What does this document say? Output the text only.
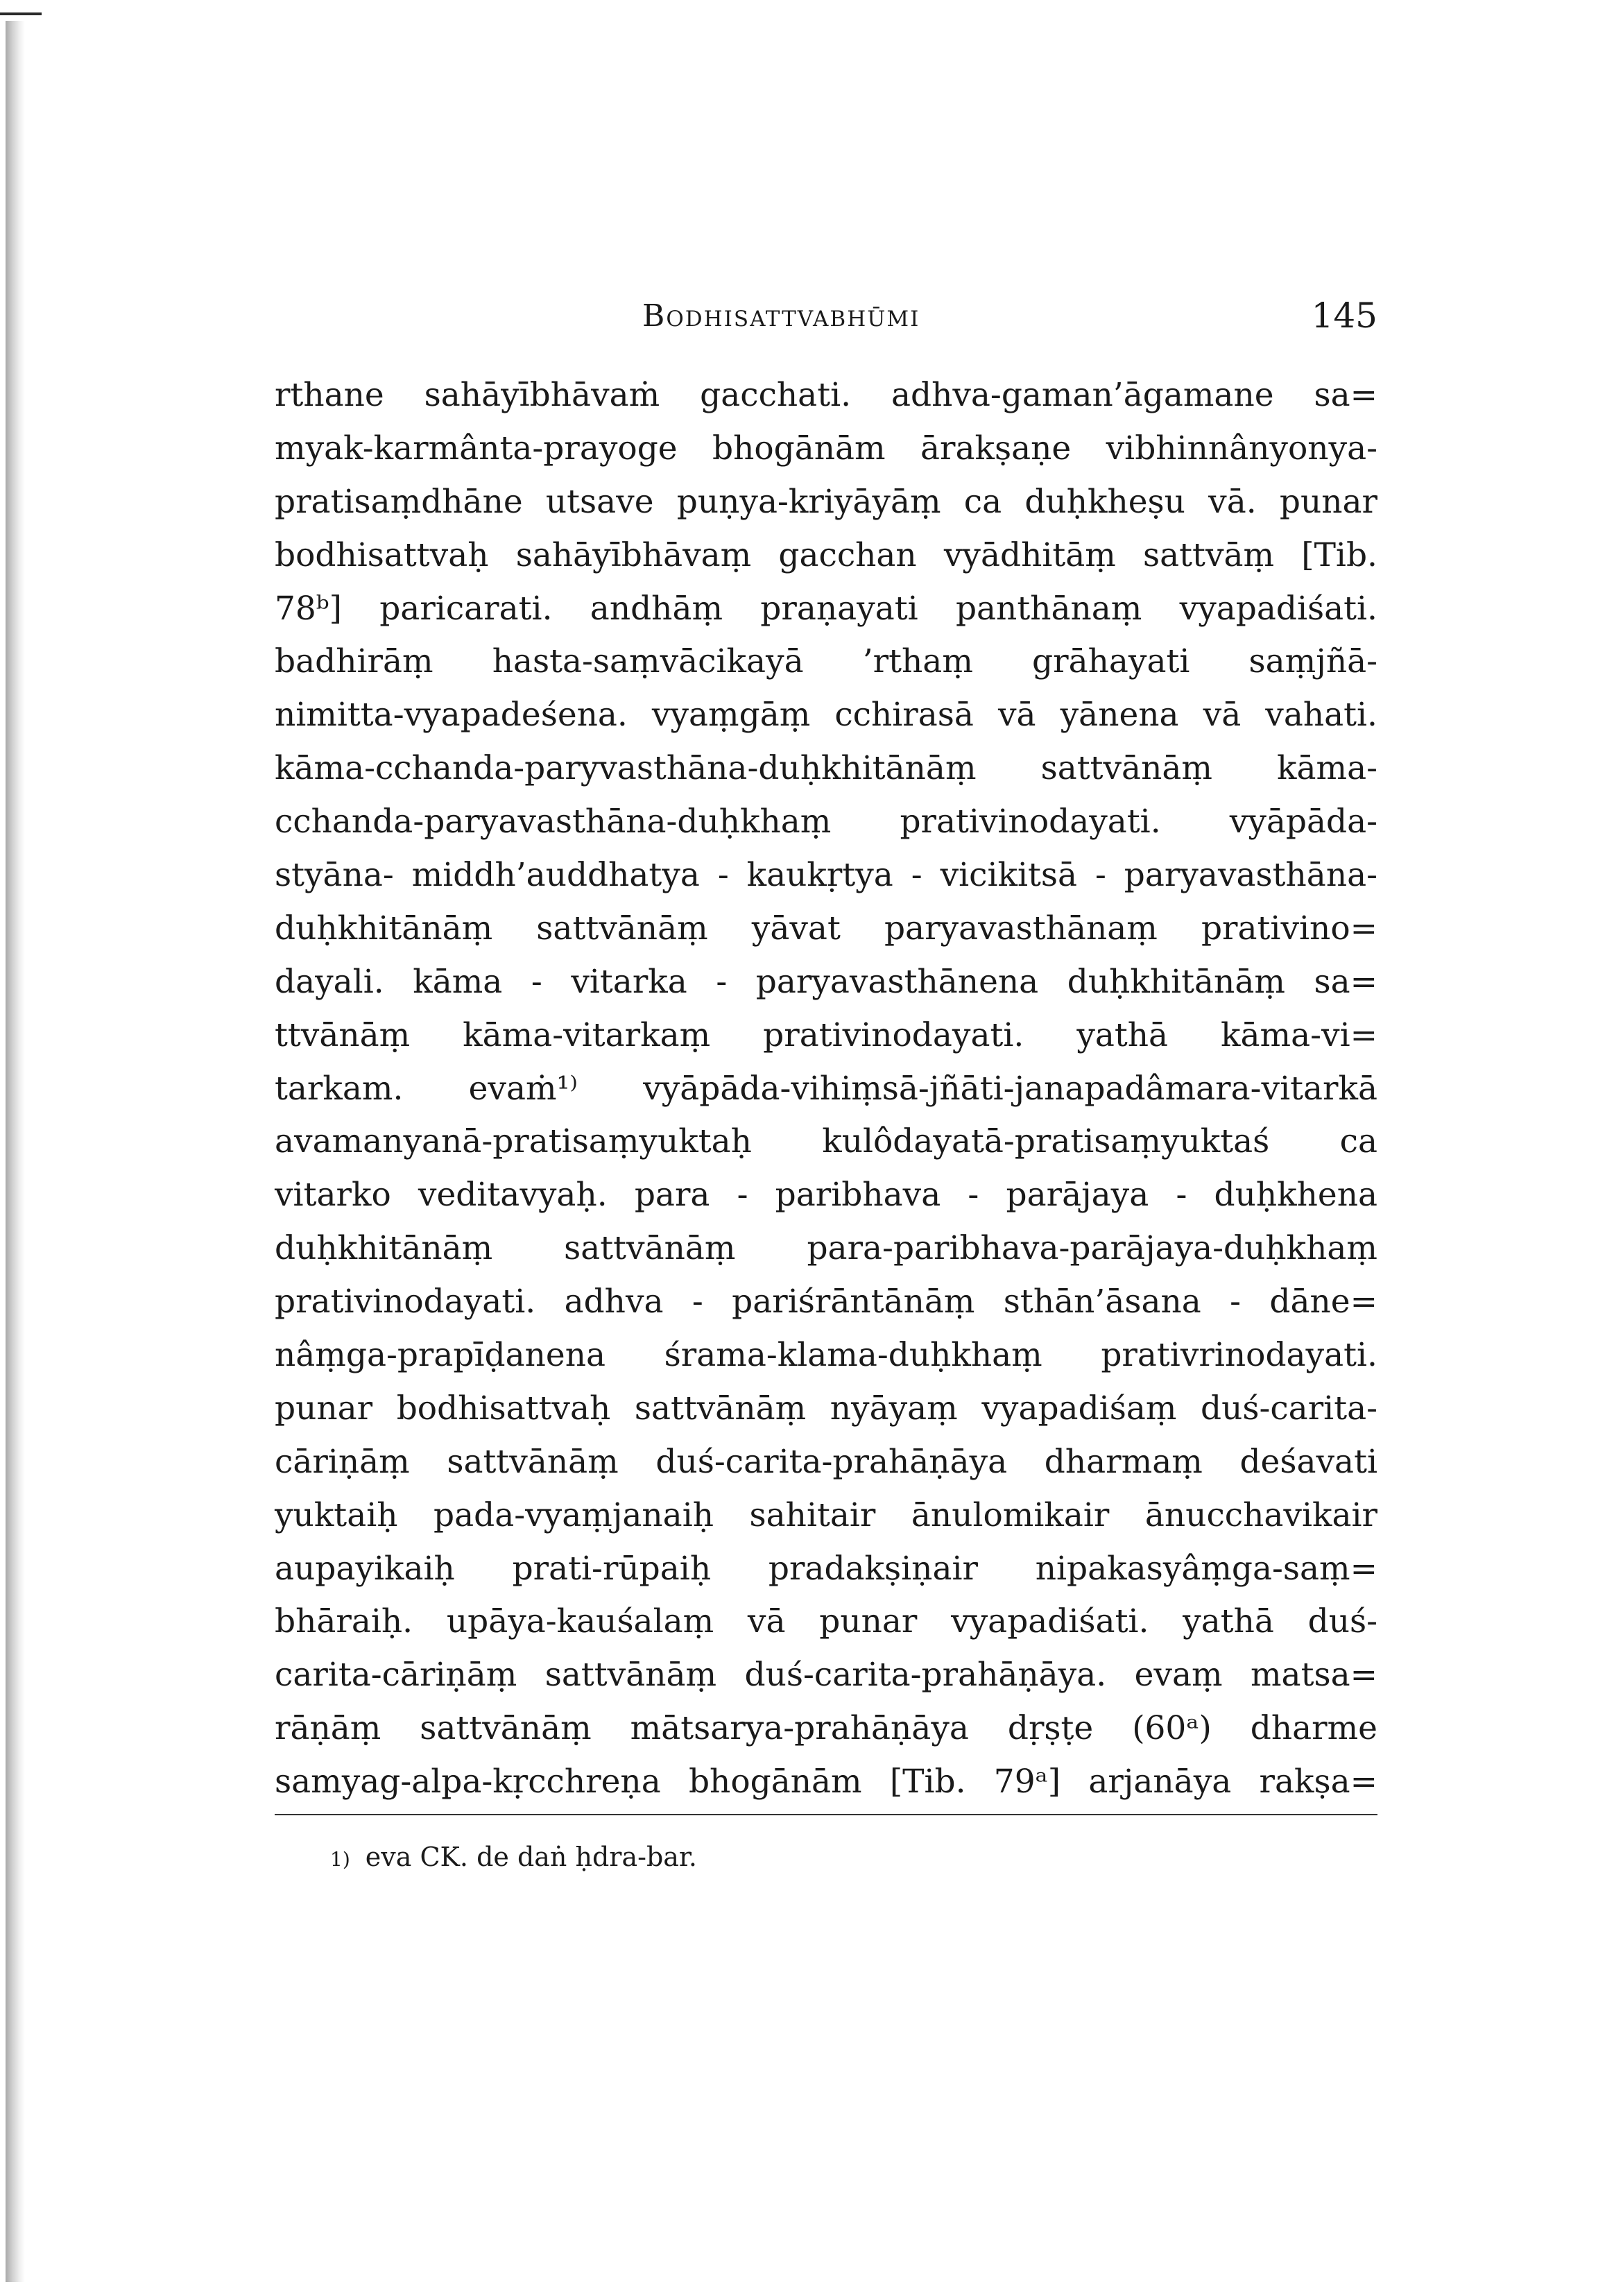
Bodhisattvabhūmi	145
rthane sahāyībhāvaṁ gacchati. adhva-gaman’āgamane sa=
myak-karmânta-prayoge bhogānām ārakṣaṇe vibhinnânyonya-
pratisaṃdhāne utsave puṇya-kriyāyāṃ ca duḥkheṣu vā. punar
bodhisattvaḥ sahāyībhāvaṃ gacchan vyādhitāṃ sattvāṃ [Tib.
78ᵇ] paricarati. andhāṃ praṇayati panthānaṃ vyapadiśati.
badhirāṃ hasta-saṃvācikayā ’rthaṃ grāhayati saṃjñā-
nimitta-vyapadeśena. vyaṃgāṃ cchirasā vā yānena vā vahati.
kāma-cchanda-paryvasthāna-duḥkhitānāṃ sattvānāṃ kāma-
cchanda-paryavasthāna-duḥkhaṃ prativinodayati. vyāpāda-
styāna- middh’auddhatya - kaukṛtya - vicikitsā - paryavasthāna-
duḥkhitānāṃ sattvānāṃ yāvat paryavasthānaṃ prativino=
dayali. kāma - vitarka - paryavasthānena duḥkhitānāṃ sa=
ttvānāṃ kāma-vitarkaṃ prativinodayati. yathā kāma-vi=
tarkam. evaṁ¹⁾ vyāpāda-vihiṃsā-jñāti-janapadâmara-vitarkā
avamanyanā-pratisaṃyuktaḥ kulôdayatā-pratisaṃyuktaś ca
vitarko veditavyaḥ. para - paribhava - parājaya - duḥkhena
duḥkhitānāṃ sattvānāṃ para-paribhava-parājaya-duḥkhaṃ
prativinodayati. adhva - pariśrāntānāṃ sthān’āsana - dāne=
nâṃga-prapīḍanena śrama-klama-duḥkhaṃ prativrinodayati.
punar bodhisattvaḥ sattvānāṃ nyāyaṃ vyapadiśaṃ duś-carita-
cāriṇāṃ sattvānāṃ duś-carita-prahāṇāya dharmaṃ deśavati
yuktaiḥ pada-vyaṃjanaiḥ sahitair ānulomikair ānucchavikair
aupayikaiḥ prati-rūpaiḥ pradakṣiṇair nipakasyâṃga-saṃ=
bhāraiḥ. upāya-kauśalaṃ vā punar vyapadiśati. yathā duś-
carita-cāriṇāṃ sattvānāṃ duś-carita-prahāṇāya. evaṃ matsa=
rāṇāṃ sattvānāṃ mātsarya-prahāṇāya dṛṣṭe (60ᵃ) dharme
samyag-alpa-kṛcchreṇa bhogānām [Tib. 79ᵃ] arjanāya rakṣa=
1) eva CK. de daṅ ḥdra-bar.
